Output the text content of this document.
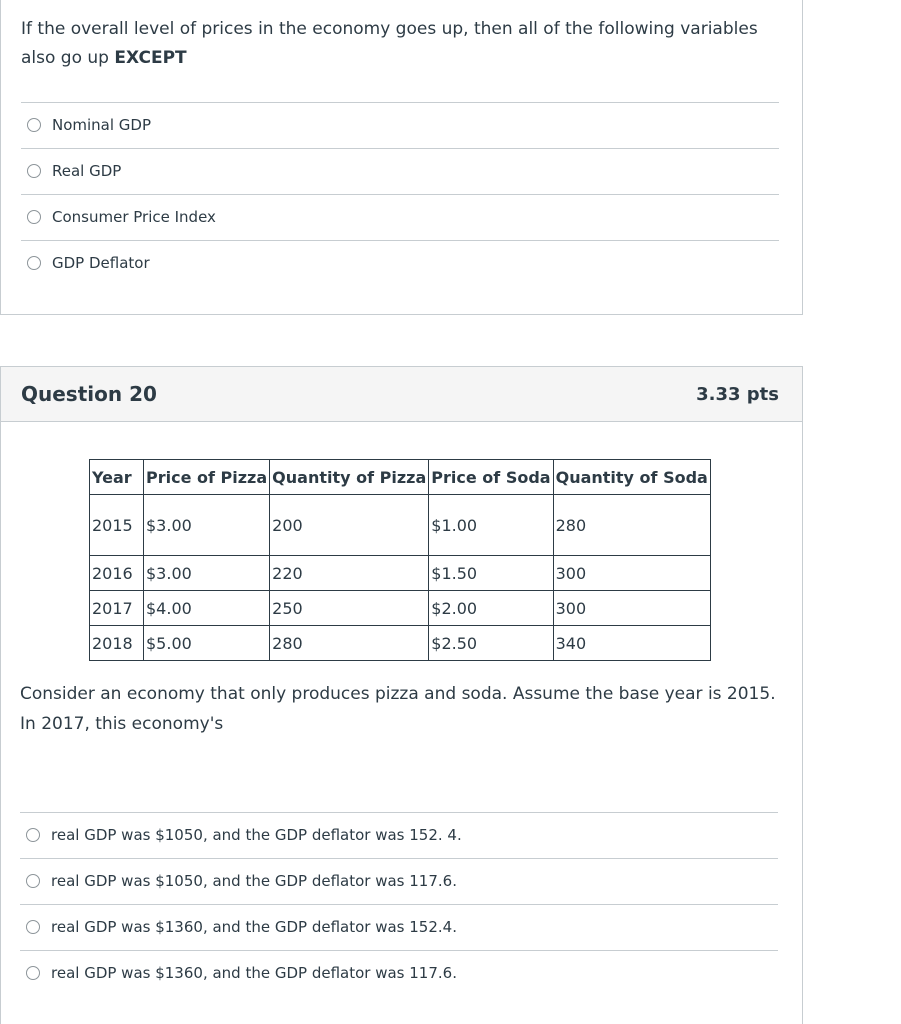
If the overall level of prices in the economy goes up, then all of the following variables also go up EXCEPT
Nominal GDP
Real GDP
Consumer Price Index
GDP Deflator
Question 20	3.33 pts
Year	Price of Pizza	Quantity of Pizza	Price of Soda	Quantity of Soda
2015	$3.00	200	$1.00	280
2016	$3.00	220	$1.50	300
2017	$4.00	250	$2.00	300
2018	$5.00	280	$2.50	340
Consider an economy that only produces pizza and soda. Assume the base year is 2015. In 2017, this economy's
real GDP was $1050, and the GDP deflator was 152. 4.
real GDP was $1050, and the GDP deflator was 117.6.
real GDP was $1360, and the GDP deflator was 152.4.
real GDP was $1360, and the GDP deflator was 117.6.
